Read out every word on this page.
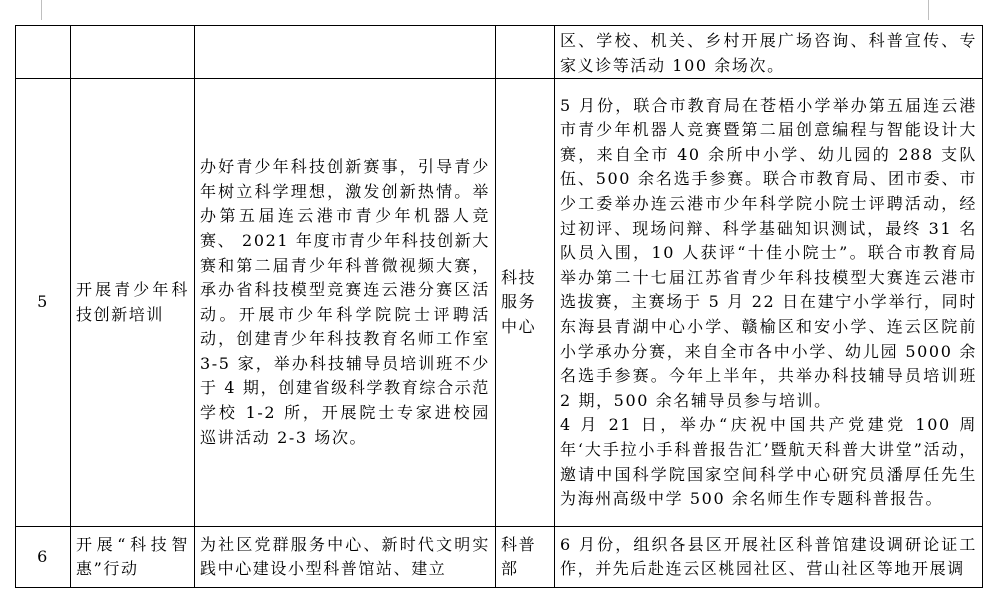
				区、学校、机关、乡村开展广场咨询、科普宣传、专家义诊等活动 100 余场次。
5	开展青少年科技创新培训	办好青少年科技创新赛事，引导青少年树立科学理想，激发创新热情。举办第五届连云港市青少年机器人竞赛、 2021 年度市青少年科技创新大赛和第二届青少年科普微视频大赛，承办省科技模型竞赛连云港分赛区活动。开展市少年科学院院士评聘活动，创建青少年科技教育名师工作室 3-5 家，举办科技辅导员培训班不少于 4 期，创建省级科学教育综合示范学校 1-2 所，开展院士专家进校园巡讲活动 2-3 场次。	科技服务中心	5 月份，联合市教育局在苍梧小学举办第五届连云港市青少年机器人竞赛暨第二届创意编程与智能设计大赛，来自全市 40 余所中小学、幼儿园的 288 支队伍、500 余名选手参赛。联合市教育局、团市委、市少工委举办连云港市少年科学院小院士评聘活动，经过初评、现场问辩、科学基础知识测试，最终 31 名队员入围，10 人获评“十佳小院士”。联合市教育局举办第二十七届江苏省青少年科技模型大赛连云港市选拔赛，主赛场于 5 月 22 日在建宁小学举行，同时东海县青湖中心小学、赣榆区和安小学、连云区院前小学承办分赛，来自全市各中小学、幼儿园 5000 余名选手参赛。今年上半年，共举办科技辅导员培训班 2 期，500 余名辅导员参与培训。
4 月 21 日，举办“庆祝中国共产党建党 100 周年‘大手拉小手科普报告汇’暨航天科普大讲堂”活动，邀请中国科学院国家空间科学中心研究员潘厚任先生为海州高级中学 500 余名师生作专题科普报告。

6	开展“科技智惠”行动	为社区党群服务中心、新时代文明实践中心建设小型科普馆站、建立	科普部	6 月份，组织各县区开展社区科普馆建设调研论证工作，并先后赴连云区桃园社区、营山社区等地开展调
